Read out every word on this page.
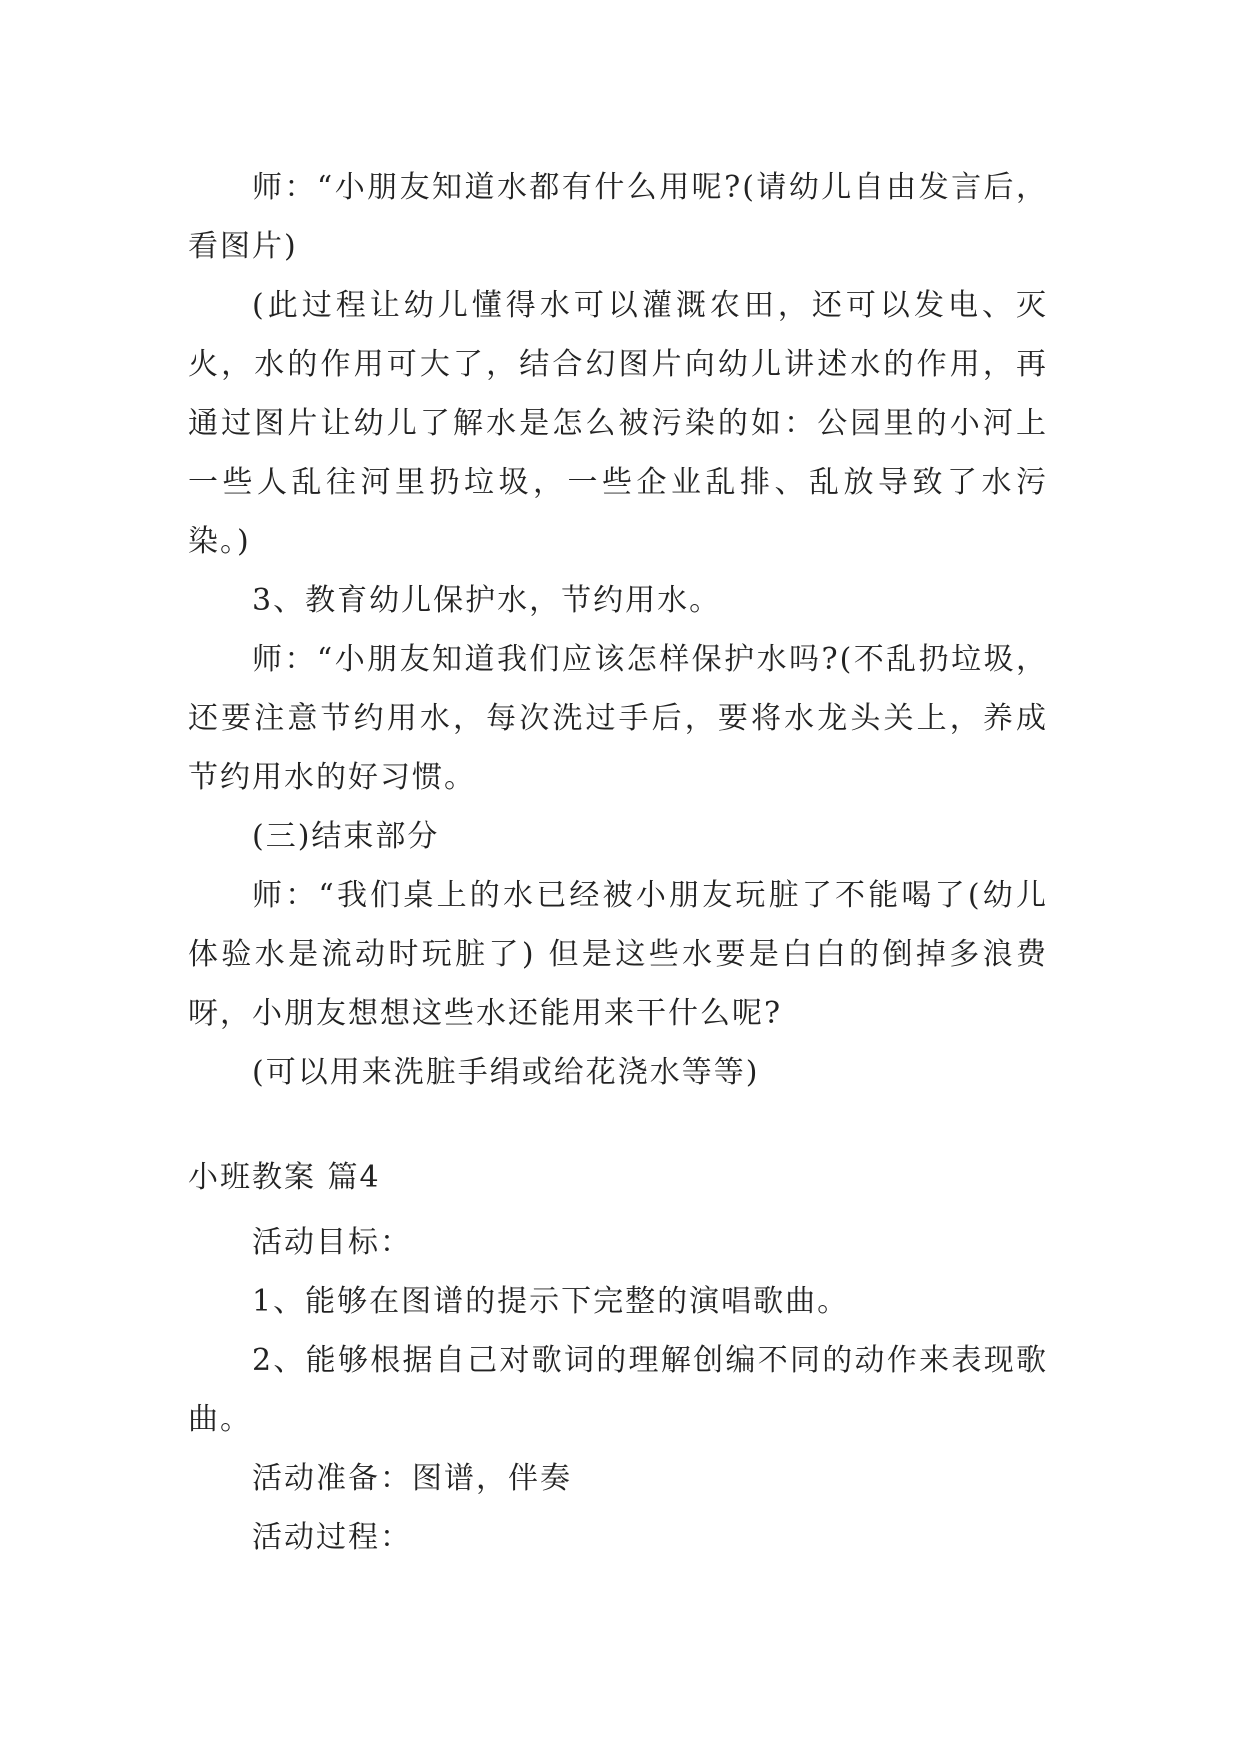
师：“小朋友知道水都有什么用呢?(请幼儿自由发言后，看图片)

(此过程让幼儿懂得水可以灌溉农田，还可以发电、灭火，水的作用可大了，结合幻图片向幼儿讲述水的作用，再通过图片让幼儿了解水是怎么被污染的如：公园里的小河上一些人乱往河里扔垃圾，一些企业乱排、乱放导致了水污染。)

3、教育幼儿保护水，节约用水。

师：“小朋友知道我们应该怎样保护水吗?(不乱扔垃圾，还要注意节约用水，每次洗过手后，要将水龙头关上，养成节约用水的好习惯。

(三)结束部分

师：“我们桌上的水已经被小朋友玩脏了不能喝了(幼儿体验水是流动时玩脏了) 但是这些水要是白白的倒掉多浪费呀，小朋友想想这些水还能用来干什么呢?

(可以用来洗脏手绢或给花浇水等等)

小班教案 篇4

活动目标：

1、能够在图谱的提示下完整的演唱歌曲。

2、能够根据自己对歌词的理解创编不同的动作来表现歌曲。

活动准备：图谱，伴奏

活动过程：
